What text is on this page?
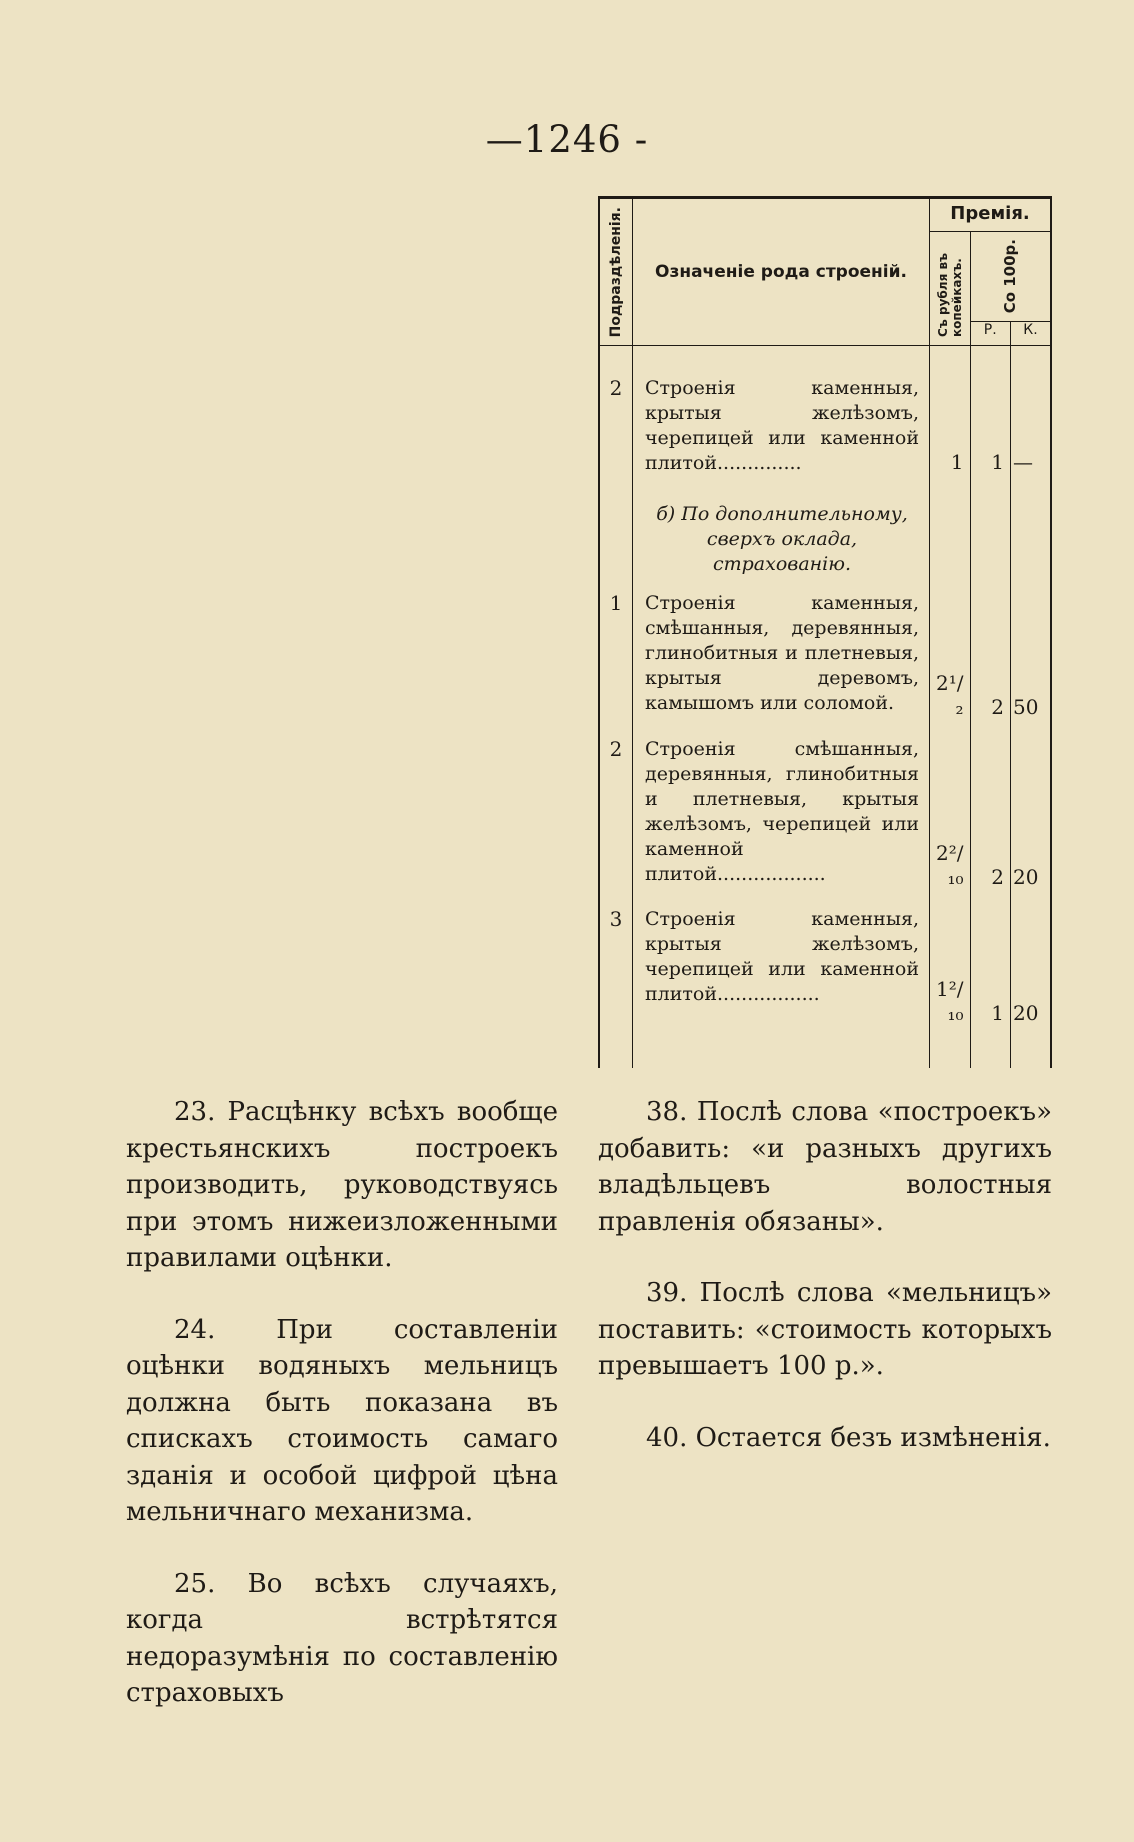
—1246 -
Подраздѣленія.	Означеніе рода строеній.	Премія.		

		Съ рубля въ копейкахъ.	Со 100р.	

			Р.	К.
2	Строенія каменныя, крытыя желѣзомъ, черепицей или каменной плитой..............	1	1	—
	б) По дополнительному, сверхъ оклада, страхованію.			
1	Строенія каменныя, смѣшанныя, деревянныя, глинобитныя и плетневыя, крытыя деревомъ, камышомъ или соломой.	2¹/₂	2	50
2	Строенія смѣшанныя, деревянныя, глинобитныя и плетневыя, крытыя желѣзомъ, черепицей или каменной плитой..................	2²/₁₀	2	20
3	Строенія каменныя, крытыя желѣзомъ, черепицей или каменной плитой.................	1²/₁₀	1	20

23. Расцѣнку всѣхъ вообще крестьянскихъ построекъ производить, руководствуясь при этомъ нижеизложенными правилами оцѣнки.

24. При составленіи оцѣнки водяныхъ мельницъ должна быть показана въ спискахъ стоимость самаго зданія и особой цифрой цѣна мельничнаго механизма.

25. Во всѣхъ случаяхъ, когда встрѣтятся недоразумѣнія по составленію страховыхъ

38. Послѣ слова «построекъ» добавить: «и разныхъ другихъ владѣльцевъ волостныя правленія обязаны».

39. Послѣ слова «мельницъ» поставить: «стоимость которыхъ превышаетъ 100 р.».

40. Остается безъ измѣненія.
